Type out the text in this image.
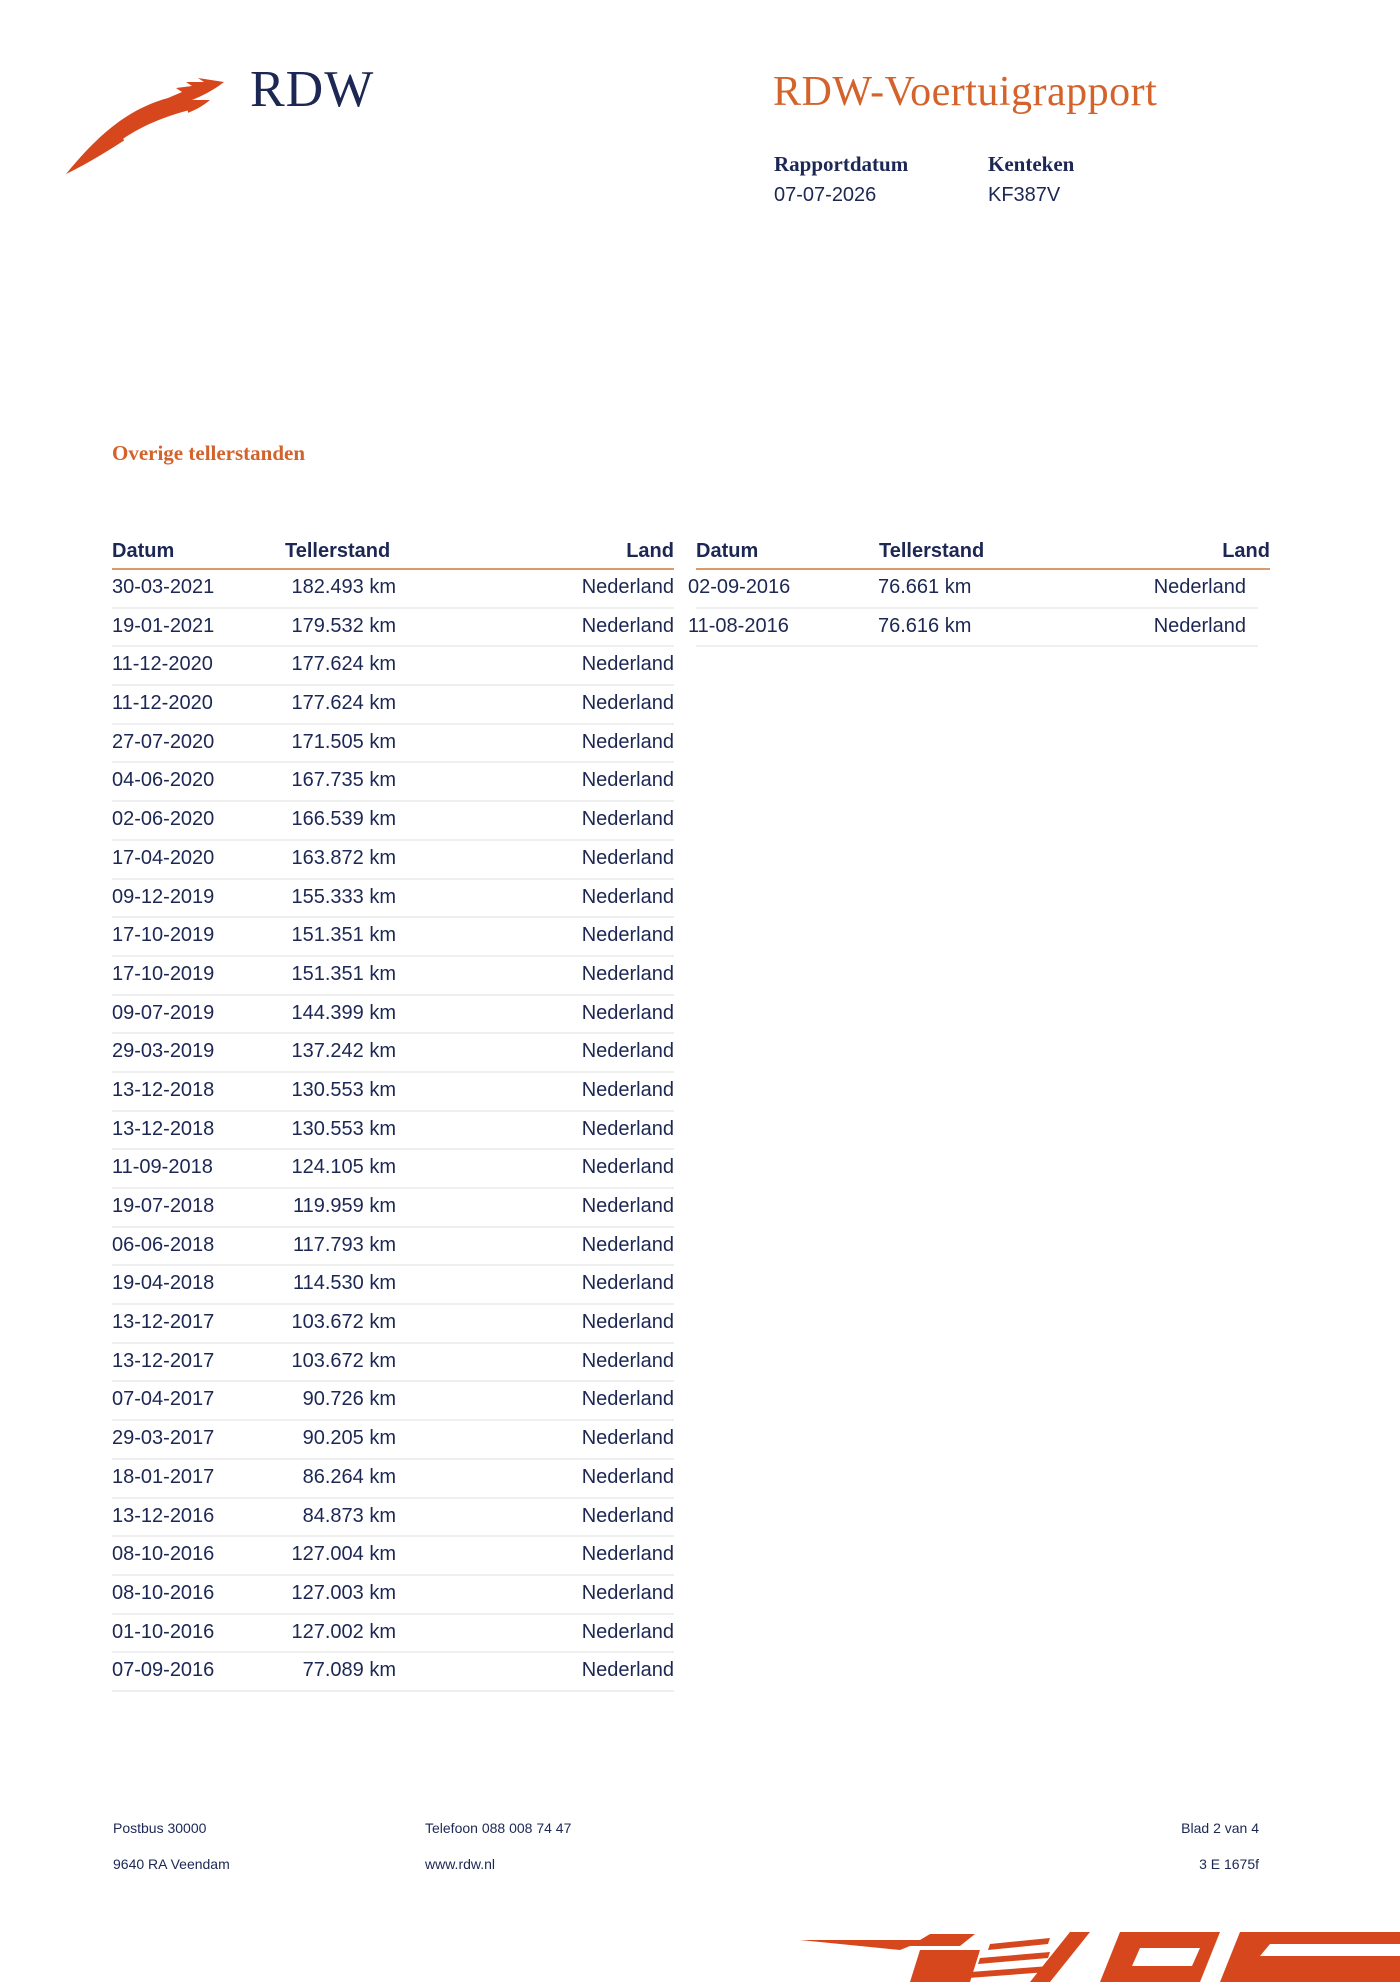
RDW	RDW-Voertuigrapport
Rapportdatum
07-07-2026
Kenteken
KF387V
Overige tellerstanden
Datum	Tellerstand	Land
30-03-2021	182.493 km	Nederland
19-01-2021	179.532 km	Nederland
11-12-2020	177.624 km	Nederland
11-12-2020	177.624 km	Nederland
27-07-2020	171.505 km	Nederland
04-06-2020	167.735 km	Nederland
02-06-2020	166.539 km	Nederland
17-04-2020	163.872 km	Nederland
09-12-2019	155.333 km	Nederland
17-10-2019	151.351 km	Nederland
17-10-2019	151.351 km	Nederland
09-07-2019	144.399 km	Nederland
29-03-2019	137.242 km	Nederland
13-12-2018	130.553 km	Nederland
13-12-2018	130.553 km	Nederland
11-09-2018	124.105 km	Nederland
19-07-2018	119.959 km	Nederland
06-06-2018	117.793 km	Nederland
19-04-2018	114.530 km	Nederland
13-12-2017	103.672 km	Nederland
13-12-2017	103.672 km	Nederland
07-04-2017	90.726 km	Nederland
29-03-2017	90.205 km	Nederland
18-01-2017	86.264 km	Nederland
13-12-2016	84.873 km	Nederland
08-10-2016	127.004 km	Nederland
08-10-2016	127.003 km	Nederland
01-10-2016	127.002 km	Nederland
07-09-2016	77.089 km	Nederland
Datum	Tellerstand	Land
02-09-2016	76.661 km	Nederland
11-08-2016	76.616 km	Nederland
Postbus 30000
9640 RA Veendam
Telefoon 088 008 74 47
www.rdw.nl
Blad 2 van 4
3 E 1675f
